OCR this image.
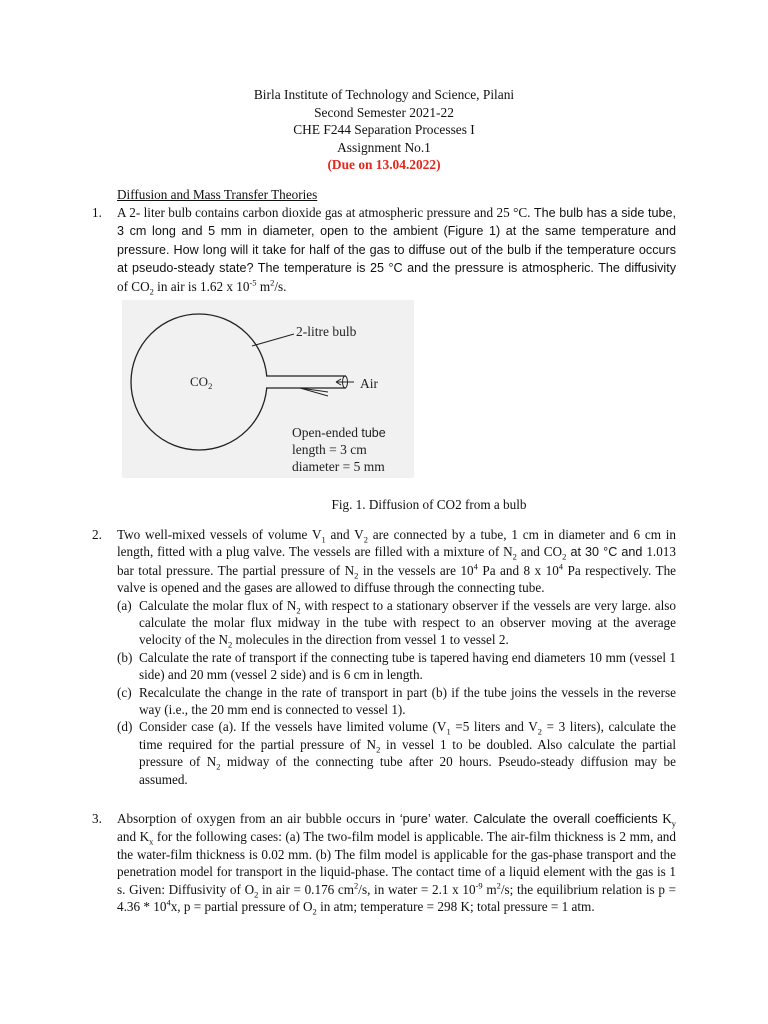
Birla Institute of Technology and Science, Pilani
Second Semester 2021-22
CHE F244 Separation Processes I
Assignment No.1
(Due on 13.04.2022)
Diffusion and Mass Transfer Theories
1. A 2- liter bulb contains carbon dioxide gas at atmospheric pressure and 25 °C. The bulb has a side tube, 3 cm long and 5 mm in diameter, open to the ambient (Figure 1) at the same temperature and pressure. How long will it take for half of the gas to diffuse out of the bulb if the temperature occurs at pseudo-steady state? The temperature is 25 °C and the pressure is atmospheric. The diffusivity of $CO_2$ in air is 1.62 x $10^{-5}$ $m^2/s$.
2-litre bulb
$CO_2$	Air
Open-ended tube
length = 3 cm
diameter = 5 mm
Fig. 1. Diffusion of CO2 from a bulb
2. Two well-mixed vessels of volume $V_1$ and $V_2$ are connected by a tube, 1 cm in diameter and 6 cm in length, fitted with a plug valve. The vessels are filled with a mixture of $N_2$ and $CO_2$ at 30 °C and 1.013 bar total pressure. The partial pressure of $N_2$ in the vessels are $10^4$ Pa and 8 x $10^4$ Pa respectively. The valve is opened and the gases are allowed to diffuse through the connecting tube.
(a) Calculate the molar flux of $N_2$ with respect to a stationary observer if the vessels are very large. also calculate the molar flux midway in the tube with respect to an observer moving at the average velocity of the $N_2$ molecules in the direction from vessel 1 to vessel 2.
(b) Calculate the rate of transport if the connecting tube is tapered having end diameters 10 mm (vessel 1 side) and 20 mm (vessel 2 side) and is 6 cm in length.
(c) Recalculate the change in the rate of transport in part (b) if the tube joins the vessels in the reverse way (i.e., the 20 mm end is connected to vessel 1).
(d) Consider case (a). If the vessels have limited volume ($V_1 =5$ liters and $V_2 = 3$ liters), calculate the time required for the partial pressure of $N_2$ in vessel 1 to be doubled. Also calculate the partial pressure of $N_2$ midway of the connecting tube after 20 hours. Pseudo-steady diffusion may be assumed.
3. Absorption of oxygen from an air bubble occurs in ‘pure’ water. Calculate the overall coefficients $K_y$ and $K_x$ for the following cases: (a) The two-film model is applicable. The air-film thickness is 2 mm, and the water-film thickness is 0.02 mm. (b) The film model is applicable for the gas-phase transport and the penetration model for transport in the liquid-phase. The contact time of a liquid element with the gas is 1 s. Given: Diffusivity of $O_2$ in air = 0.176 $cm^2/s$, in water = 2.1 x $10^{-9}$ $m^2/s$; the equilibrium relation is $p = 4.36 * 10^4x$, p = partial pressure of $O_2$ in atm; temperature = 298 K; total pressure = 1 atm.
